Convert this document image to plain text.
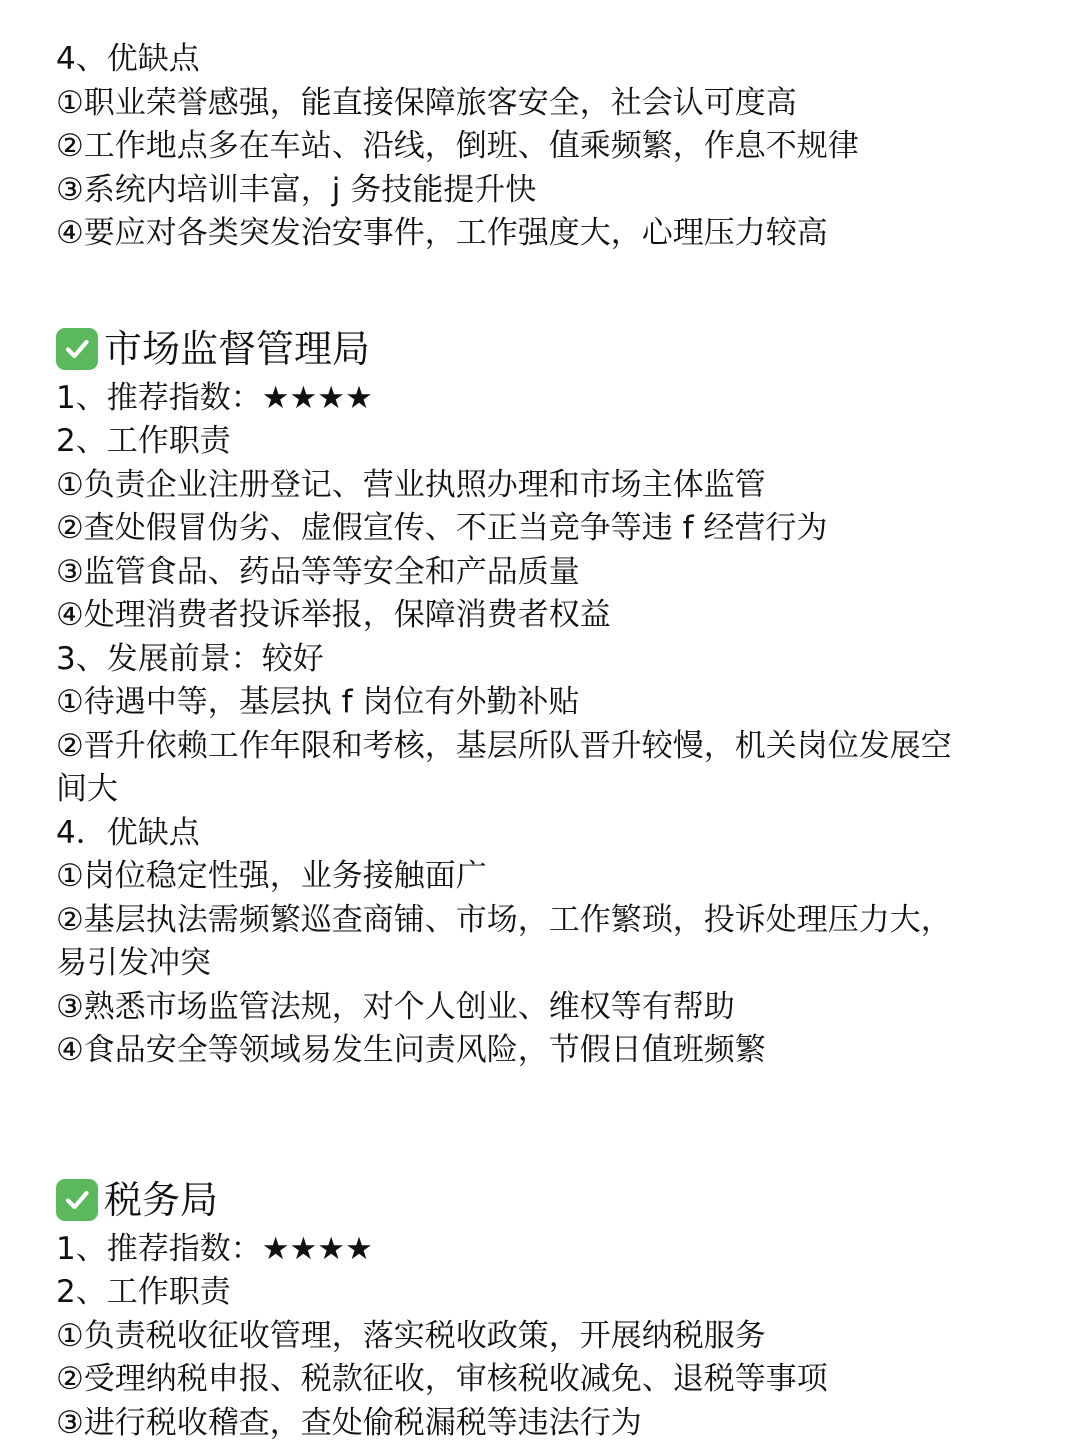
4、优缺点

①职业荣誉感强，能直接保障旅客安全，社会认可度高

②工作地点多在车站、沿线，倒班、值乘频繁，作息不规律

③系统内培训丰富，j 务技能提升快

④要应对各类突发治安事件，工作强度大，心理压力较高

市场监督管理局

1、推荐指数：★★★★

2、工作职责

①负责企业注册登记、营业执照办理和市场主体监管

②查处假冒伪劣、虚假宣传、不正当竞争等违 f 经营行为

③监管食品、药品等等安全和产品质量

④处理消费者投诉举报，保障消费者权益

3、发展前景：较好

①待遇中等，基层执 f 岗位有外勤补贴

②晋升依赖工作年限和考核，基层所队晋升较慢，机关岗位发展空

间大

4．优缺点

①岗位稳定性强，业务接触面广

②基层执法需频繁巡查商铺、市场，工作繁琐，投诉处理压力大，

易引发冲突

③熟悉市场监管法规，对个人创业、维权等有帮助

④食品安全等领域易发生问责风险，节假日值班频繁

税务局

1、推荐指数：★★★★

2、工作职责

①负责税收征收管理，落实税收政策，开展纳税服务

②受理纳税申报、税款征收，审核税收减免、退税等事项

③进行税收稽查，查处偷税漏税等违法行为
